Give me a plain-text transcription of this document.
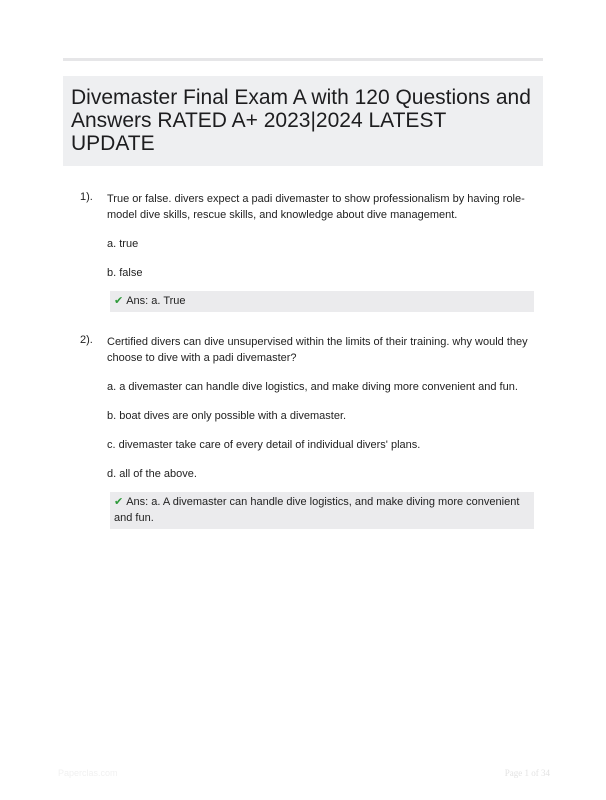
Divemaster Final Exam A with 120 Questions and Answers RATED A+ 2023|2024 LATEST UPDATE
1). True or false. divers expect a padi divemaster to show professionalism by having role-model dive skills, rescue skills, and knowledge about dive management.
a. true
b. false
✔ Ans: a. True
2). Certified divers can dive unsupervised within the limits of their training. why would they choose to dive with a padi divemaster?
a. a divemaster can handle dive logistics, and make diving more convenient and fun.
b. boat dives are only possible with a divemaster.
c. divemaster take care of every detail of individual divers' plans.
d. all of the above.
✔ Ans: a. A divemaster can handle dive logistics, and make diving more convenient and fun.
Paperclas.com	Page 1 of 34
